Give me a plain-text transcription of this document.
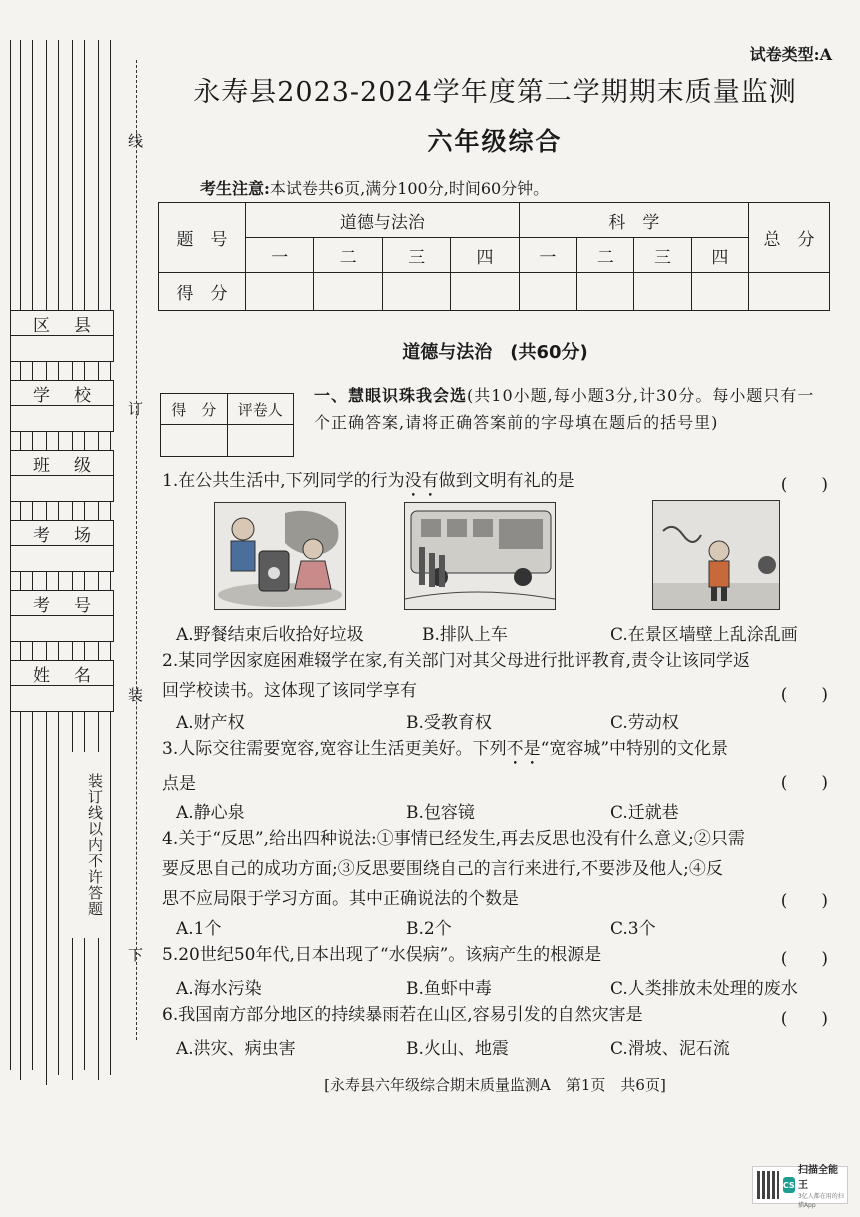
线
订
装
下
区 县
学 校
班 级
考 场
考 号
姓 名
装订线以内不许答题
试卷类型:A
永寿县2023-2024学年度第二学期期末质量监测
六年级综合
考生注意:本试卷共6页,满分100分,时间60分钟。
题　号	道德与法治				科　学				总　分
	一	二	三	四	一	二	三	四	
得　分									
道德与法治　(共60分)
得　分	评卷人

一、慧眼识珠我会选(共10小题,每小题3分,计30分。每小题只有一个正确答案,请将正确答案前的字母填在题后的括号里)
1.在公共生活中,下列同学的行为没有做到文明有礼的是	(　　)
A.野餐结束后收拾好垃圾	B.排队上车	C.在景区墙壁上乱涂乱画
2.某同学因家庭困难辍学在家,有关部门对其父母进行批评教育,责令让该同学返
回学校读书。这体现了该同学享有	(　　)
A.财产权	B.受教育权	C.劳动权
3.人际交往需要宽容,宽容让生活更美好。下列不是“宽容城”中特别的文化景
点是	(　　)
A.静心泉	B.包容镜	C.迁就巷
4.关于“反思”,给出四种说法:①事情已经发生,再去反思也没有什么意义;②只需
要反思自己的成功方面;③反思要围绕自己的言行来进行,不要涉及他人;④反
思不应局限于学习方面。其中正确说法的个数是	(　　)
A.1个	B.2个	C.3个
5.20世纪50年代,日本出现了“水俣病”。该病产生的根源是	(　　)
A.海水污染	B.鱼虾中毒	C.人类排放未处理的废水
6.我国南方部分地区的持续暴雨若在山区,容易引发的自然灾害是	(　　)
A.洪灾、病虫害	B.火山、地震	C.滑坡、泥石流
[永寿县六年级综合期末质量监测A　第1页　共6页]
CS
扫描全能王
3亿人都在用的扫描App
